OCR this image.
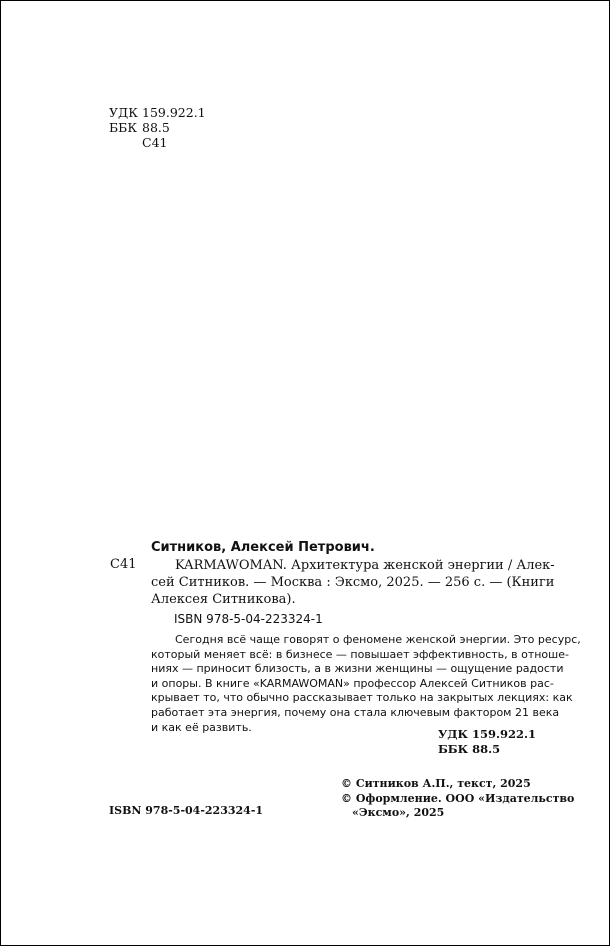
УДК 159.922.1
ББК 88.5
С41
Ситников, Алексей Петрович.
С41	KARMAWOMAN. Архитектура женской энергии / Алек-
сей Ситников. — Москва : Эксмо, 2025. — 256 с. — (Книги
Алексея Ситникова).
ISBN 978-5-04-223324-1
Сегодня всё чаще говорят о феномене женской энергии. Это ресурс,
который меняет всё: в бизнесе — повышает эффективность, в отноше-
ниях — приносит близость, а в жизни женщины — ощущение радости
и опоры. В книге «KARMAWOMAN» профессор Алексей Ситников рас-
крывает то, что обычно рассказывает только на закрытых лекциях: как
работает эта энергия, почему она стала ключевым фактором 21 века
и как её развить.	УДК 159.922.1
ББК 88.5
© Ситников А.П., текст, 2025
© Оформление. ООО «Издательство
«Эксмо», 2025
ISBN 978-5-04-223324-1
